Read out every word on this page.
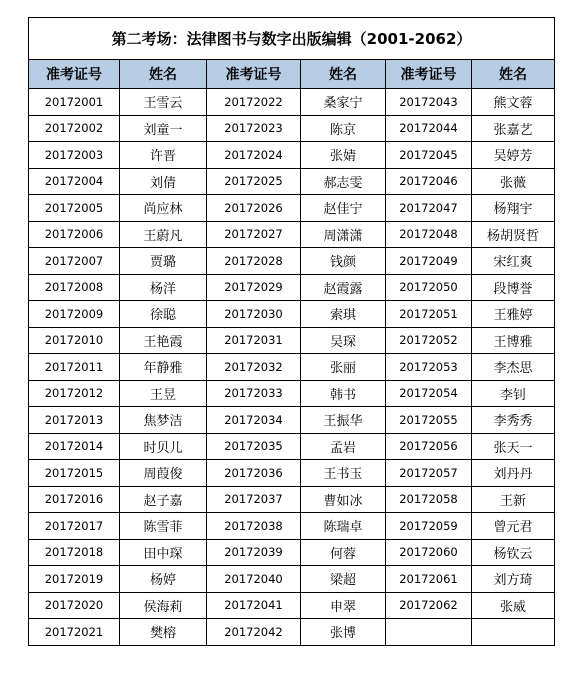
第二考场：法律图书与数字出版编辑（2001-2062）					
准考证号	姓名	准考证号	姓名	准考证号	姓名
20172001	王雪云	20172022	桑家宁	20172043	熊文蓉
20172002	刘童一	20172023	陈京	20172044	张嘉艺
20172003	许晋	20172024	张婧	20172045	吴婷芳
20172004	刘倩	20172025	郝志雯	20172046	张薇
20172005	尚应林	20172026	赵佳宁	20172047	杨翔宇
20172006	王蔚凡	20172027	周潇潇	20172048	杨胡贤哲
20172007	贾璐	20172028	钱颜	20172049	宋红爽
20172008	杨洋	20172029	赵霞露	20172050	段博誉
20172009	徐聪	20172030	索琪	20172051	王雅婷
20172010	王艳霞	20172031	吴琛	20172052	王博雅
20172011	年静雅	20172032	张丽	20172053	李杰思
20172012	王昱	20172033	韩书	20172054	李钊
20172013	焦梦洁	20172034	王振华	20172055	李秀秀
20172014	时贝儿	20172035	孟岩	20172056	张天一
20172015	周葭俊	20172036	王书玉	20172057	刘丹丹
20172016	赵子嘉	20172037	曹如冰	20172058	王新
20172017	陈雪菲	20172038	陈瑞卓	20172059	曾元君
20172018	田中琛	20172039	何蓉	20172060	杨钦云
20172019	杨婷	20172040	梁超	20172061	刘方琦
20172020	侯海莉	20172041	申翠	20172062	张威
20172021	樊榕	20172042	张博		
